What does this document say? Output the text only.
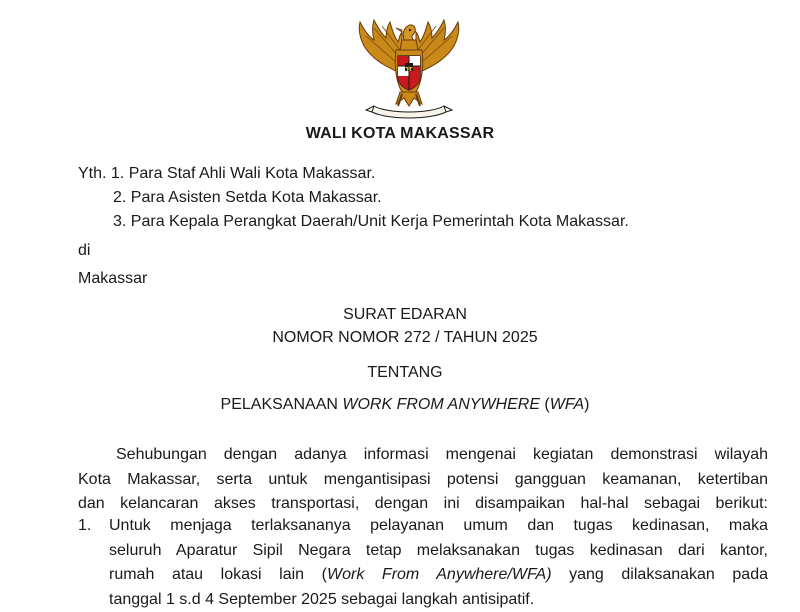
WALI KOTA MAKASSAR
Yth. 1. Para Staf Ahli Wali Kota Makassar.
2. Para Asisten Setda Kota Makassar.
3. Para Kepala Perangkat Daerah/Unit Kerja Pemerintah Kota Makassar.
di
Makassar
SURAT EDARAN
NOMOR NOMOR 272 / TAHUN 2025
TENTANG
PELAKSANAAN WORK FROM ANYWHERE (WFA)
Sehubungan dengan adanya informasi mengenai kegiatan demonstrasi wilayah
Kota Makassar, serta untuk mengantisipasi potensi gangguan keamanan, ketertiban
dan kelancaran akses transportasi, dengan ini disampaikan hal-hal sebagai berikut:
1. Untuk menjaga terlaksananya pelayanan umum dan tugas kedinasan, maka
seluruh Aparatur Sipil Negara tetap melaksanakan tugas kedinasan dari kantor,
rumah atau lokasi lain (Work From Anywhere/WFA) yang dilaksanakan pada
tanggal 1 s.d 4 September 2025 sebagai langkah antisipatif.
